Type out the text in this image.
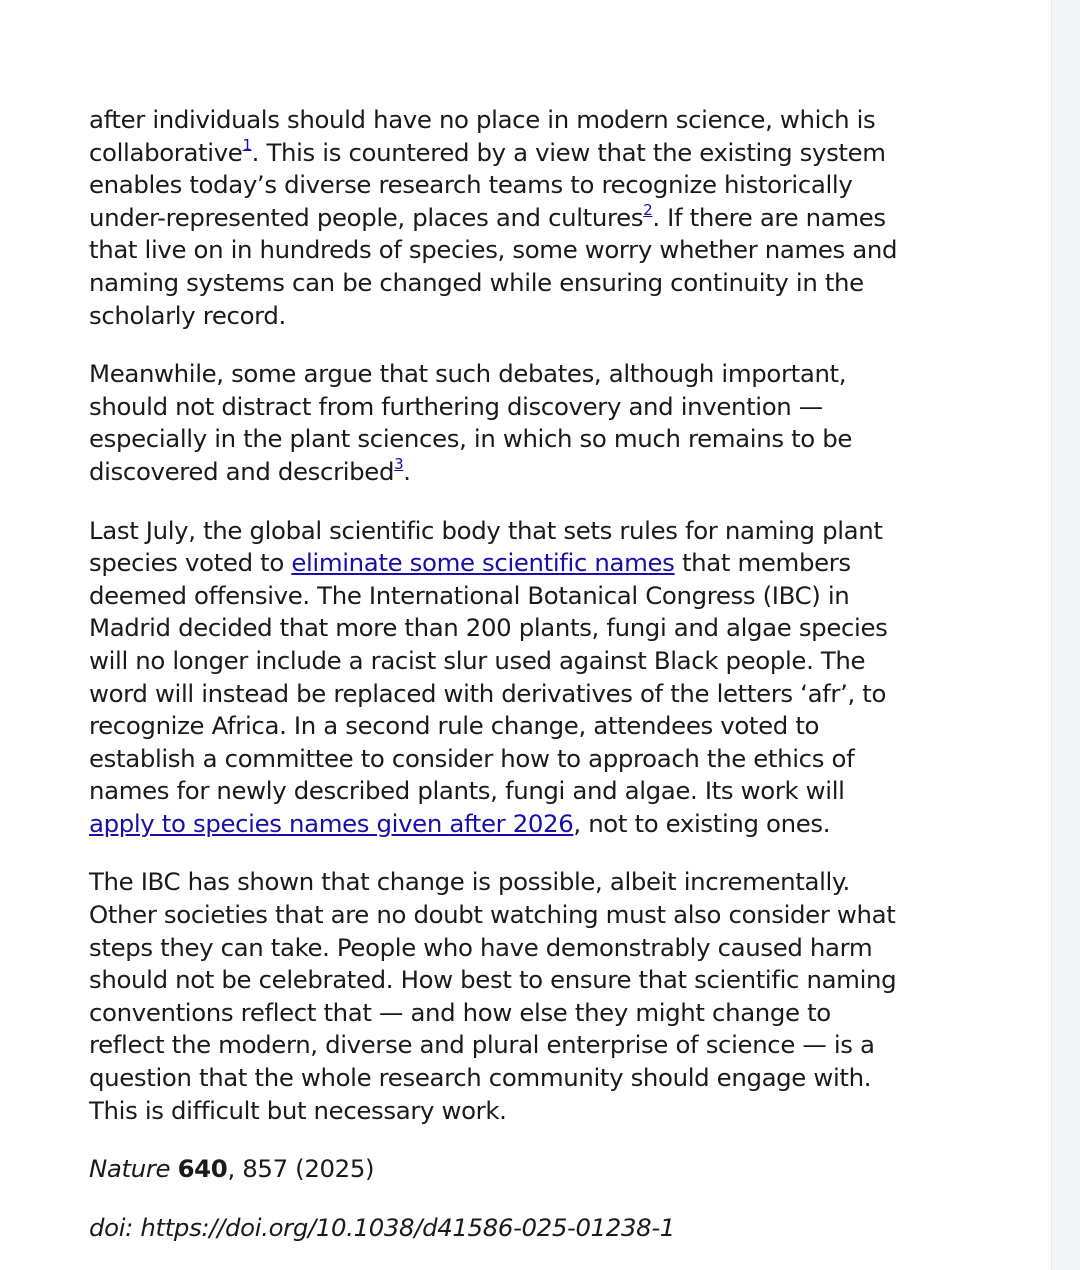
after individuals should have no place in modern science, which is collaborative$^1$. This is countered by a view that the existing system enables today’s diverse research teams to recognize historically under-represented people, places and cultures$^2$. If there are names that live on in hundreds of species, some worry whether names and naming systems can be changed while ensuring continuity in the scholarly record.

Meanwhile, some argue that such debates, although important, should not distract from furthering discovery and invention — especially in the plant sciences, in which so much remains to be discovered and described$^3$.

Last July, the global scientific body that sets rules for naming plant species voted to eliminate some scientific names that members deemed offensive. The International Botanical Congress (IBC) in Madrid decided that more than 200 plants, fungi and algae species will no longer include a racist slur used against Black people. The word will instead be replaced with derivatives of the letters ‘afr’, to recognize Africa. In a second rule change, attendees voted to establish a committee to consider how to approach the ethics of names for newly described plants, fungi and algae. Its work will apply to species names given after 2026, not to existing ones.

The IBC has shown that change is possible, albeit incrementally. Other societies that are no doubt watching must also consider what steps they can take. People who have demonstrably caused harm should not be celebrated. How best to ensure that scientific naming conventions reflect that — and how else they might change to reflect the modern, diverse and plural enterprise of science — is a question that the whole research community should engage with. This is difficult but necessary work.

Nature 640, 857 (2025)

doi: https://doi.org/10.1038/d41586-025-01238-1
